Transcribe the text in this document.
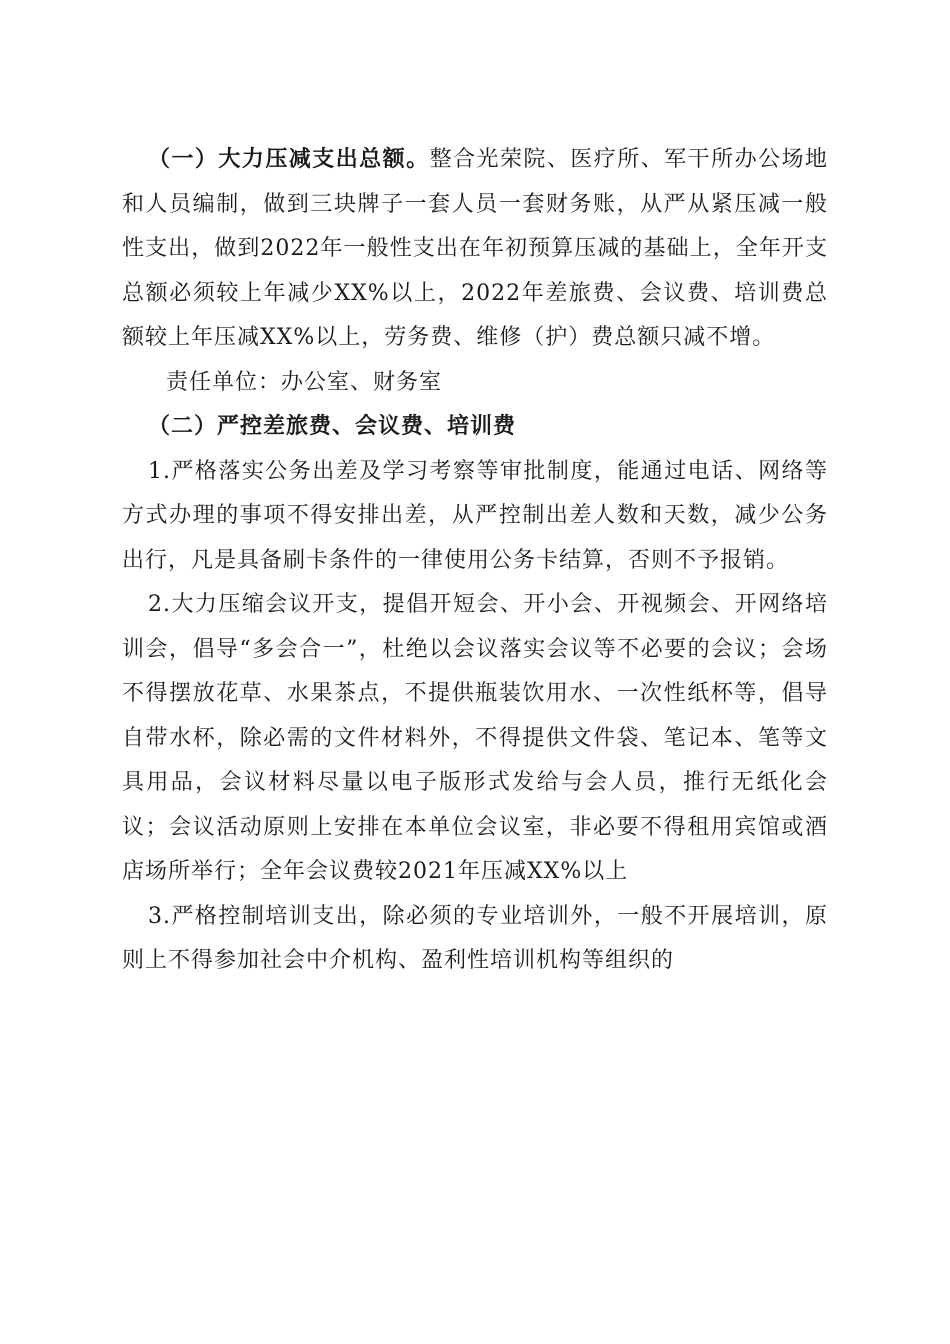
（一）大力压减支出总额。整合光荣院、医疗所、军干所办公场地和人员编制，做到三块牌子一套人员一套财务账，从严从紧压减一般性支出，做到2022年一般性支出在年初预算压减的基础上，全年开支总额必须较上年减少XX%以上，2022年差旅费、会议费、培训费总额较上年压减XX%以上，劳务费、维修（护）费总额只减不增。

责任单位：办公室、财务室

（二）严控差旅费、会议费、培训费

1.严格落实公务出差及学习考察等审批制度，能通过电话、网络等方式办理的事项不得安排出差，从严控制出差人数和天数，减少公务出行，凡是具备刷卡条件的一律使用公务卡结算，否则不予报销。

2.大力压缩会议开支，提倡开短会、开小会、开视频会、开网络培训会，倡导“多会合一”，杜绝以会议落实会议等不必要的会议；会场不得摆放花草、水果茶点，不提供瓶装饮用水、一次性纸杯等，倡导自带水杯，除必需的文件材料外，不得提供文件袋、笔记本、笔等文具用品，会议材料尽量以电子版形式发给与会人员，推行无纸化会议；会议活动原则上安排在本单位会议室，非必要不得租用宾馆或酒店场所举行；全年会议费较2021年压减XX%以上

3.严格控制培训支出，除必须的专业培训外，一般不开展培训，原则上不得参加社会中介机构、盈利性培训机构等组织的
